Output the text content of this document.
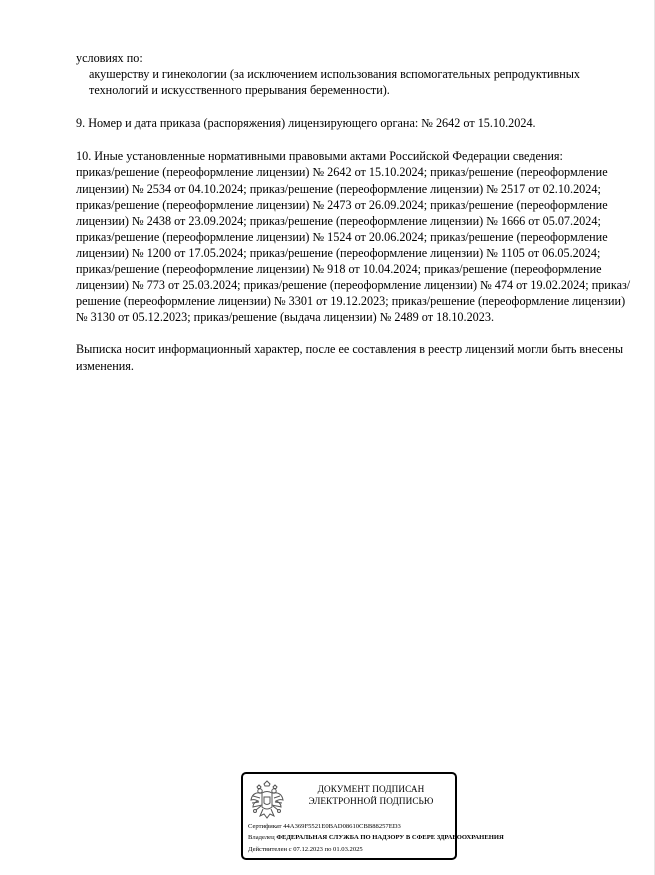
условиях по:

акушерству и гинекологии (за исключением использования вспомогательных репродуктивных технологий и искусственного прерывания беременности).

9. Номер и дата приказа (распоряжения) лицензирующего органа: № 2642 от 15.10.2024.

10. Иные установленные нормативными правовыми актами Российской Федерации сведения:

приказ/решение (переоформление лицензии) № 2642 от 15.10.2024; приказ/решение (переоформление лицензии) № 2534 от 04.10.2024; приказ/решение (переоформление лицензии) № 2517 от 02.10.2024; приказ/решение (переоформление лицензии) № 2473 от 26.09.2024; приказ/решение (переоформление лицензии) № 2438 от 23.09.2024; приказ/решение (переоформление лицензии) № 1666 от 05.07.2024; приказ/решение (переоформление лицензии) № 1524 от 20.06.2024; приказ/решение (переоформление лицензии) № 1200 от 17.05.2024; приказ/решение (переоформление лицензии) № 1105 от 06.05.2024; приказ/решение (переоформление лицензии) № 918 от 10.04.2024; приказ/решение (переоформление лицензии) № 773 от 25.03.2024; приказ/решение (переоформление лицензии) № 474 от 19.02.2024; приказ/решение (переоформление лицензии) № 3301 от 19.12.2023; приказ/решение (переоформление лицензии) № 3130 от 05.12.2023; приказ/решение (выдача лицензии) № 2489 от 18.10.2023.

Выписка носит информационный характер, после ее составления в реестр лицензий могли быть внесены изменения.

ДОКУМЕНТ ПОДПИСАН
ЭЛЕКТРОННОЙ ПОДПИСЬЮ
Сертификат 44A369F5521E0BAD08610CBB88257ED3
Владелец ФЕДЕРАЛЬНАЯ СЛУЖБА ПО НАДЗОРУ В СФЕРЕ ЗДРАВООХРАНЕНИЯ
Действителен с 07.12.2023 по 01.03.2025
